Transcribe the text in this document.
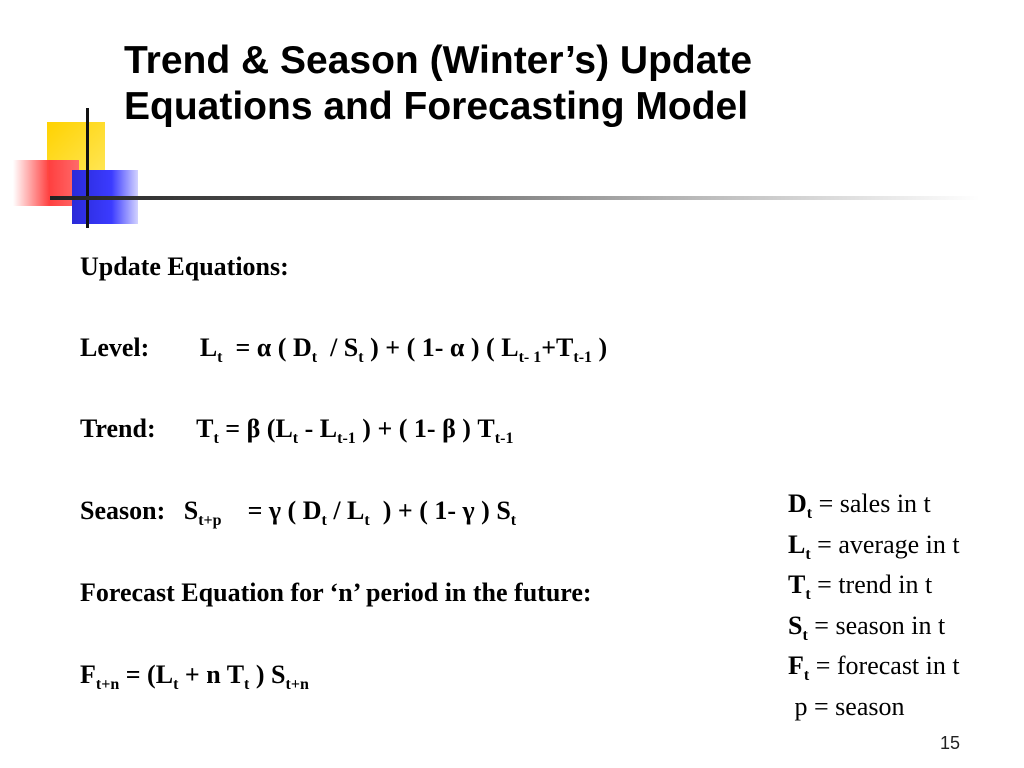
Trend & Season (Winter’s) Update
Equations and Forecasting Model
Update Equations:
Level: $L_t = \alpha$ ( $D_t / S_t$ ) + ( 1- α ) ( $L_{t- 1}+T_{t-1}$ )
Trend: $T_t = \beta$ ($L_t - L_{t-1}$ ) + ( 1- β ) $T_{t-1}$
Season: $S_{t+p} = \gamma$ ( $D_t / L_t$ ) + ( 1- γ ) $S_t$
Forecast Equation for ‘n’ period in the future:
$F_{t+n} = (L_t + n$ $T_t$ ) $S_{t+n}$
$D_t$ = sales in t
$L_t$ = average in t
$T_t$ = trend in t
$S_t$ = season in t
$F_t$ = forecast in t
p = season
15
